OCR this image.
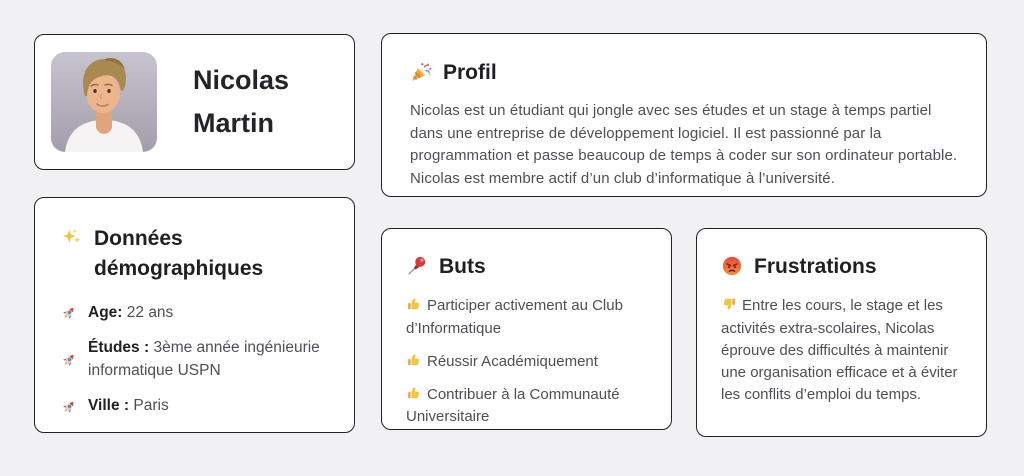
Nicolas Martin
Profil

Nicolas est un étudiant qui jongle avec ses études et un stage à temps partiel dans une entreprise de développement logiciel. Il est passionné par la programmation et passe beaucoup de temps à coder sur son ordinateur portable. Nicolas est membre actif d’un club d’informatique à l’université.

Données démographiques
Age: 22 ans
Études : 3ème année ingénieurie informatique USPN
Ville : Paris
Buts

Participer activement au Club d’Informatique

Réussir Académiquement

Contribuer à la Communauté Universitaire

Frustrations

Entre les cours, le stage et les activités extra-scolaires, Nicolas éprouve des difficultés à maintenir une organisation efficace et à éviter les conflits d’emploi du temps.
